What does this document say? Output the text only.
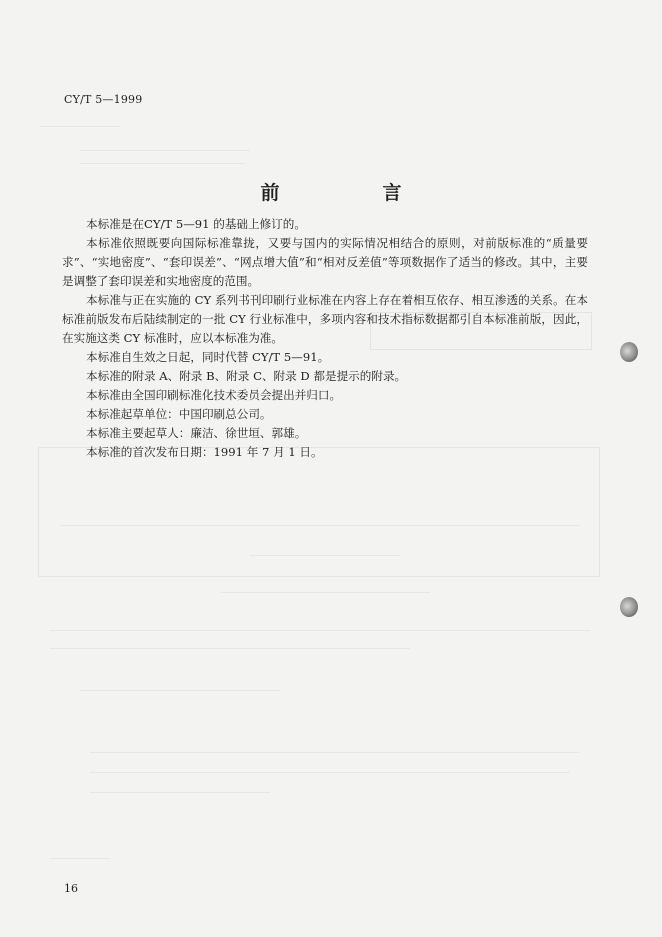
CY/T 5—1999
前　言

本标准是在CY/T 5—91 的基础上修订的。

本标准依照既要向国际标准靠拢，又要与国内的实际情况相结合的原则，对前版标准的“质量要求”、“实地密度”、“套印误差”、“网点增大值”和“相对反差值”等项数据作了适当的修改。其中，主要是调整了套印误差和实地密度的范围。

本标准与正在实施的 CY 系列书刊印刷行业标准在内容上存在着相互依存、相互渗透的关系。在本标准前版发布后陆续制定的一批 CY 行业标准中，多项内容和技术指标数据都引自本标准前版，因此，在实施这类 CY 标准时，应以本标准为准。

本标准自生效之日起，同时代替 CY/T 5—91。

本标准的附录 A、附录 B、附录 C、附录 D 都是提示的附录。

本标准由全国印刷标准化技术委员会提出并归口。

本标准起草单位：中国印刷总公司。

本标准主要起草人：廉洁、徐世垣、郭雄。

本标准的首次发布日期：1991 年 7 月 1 日。

16
